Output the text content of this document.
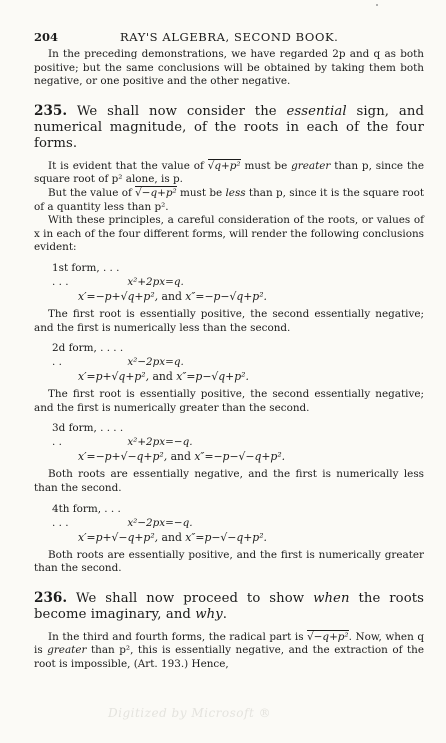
204	RAY'S ALGEBRA, SECOND BOOK.

In the preceding demonstrations, we have regarded 2p and q as both positive; but the same conclusions will be obtained by taking them both negative, or one positive and the other negative.

235. We shall now consider the essential sign, and numerical magnitude, of the roots in each of the four forms.

It is evident that the value of √q+p² must be greater than p, since the square root of p² alone, is p.

But the value of √−q+p² must be less than p, since it is the square root of a quantity less than p².

With these principles, a careful consideration of the roots, or values of x in each of the four different forms, will render the following conclusions evident:

1st form, . . . . . .	x²+2px=q.
x′=−p+√q+p², and x″=−p−√q+p².

The first root is essentially positive, the second essentially negative; and the first is numerically less than the second.

2d form, . . . . . .	x²−2px=q.
x′=p+√q+p², and x″=p−√q+p².

The first root is essentially positive, the second essentially negative; and the first is numerically greater than the second.

3d form, . . . . . .	x²+2px=−q.
x′=−p+√−q+p², and x″=−p−√−q+p².

Both roots are essentially negative, and the first is numerically less than the second.

4th form, . . . . . .	x²−2px=−q.
x′=p+√−q+p², and x″=p−√−q+p².

Both roots are essentially positive, and the first is numerically greater than the second.

236. We shall now proceed to show when the roots become imaginary, and why.

In the third and fourth forms, the radical part is √−q+p². Now, when q is greater than p², this is essentially negative, and the extraction of the root is impossible, (Art. 193.) Hence,

Digitized by Microsoft ®
